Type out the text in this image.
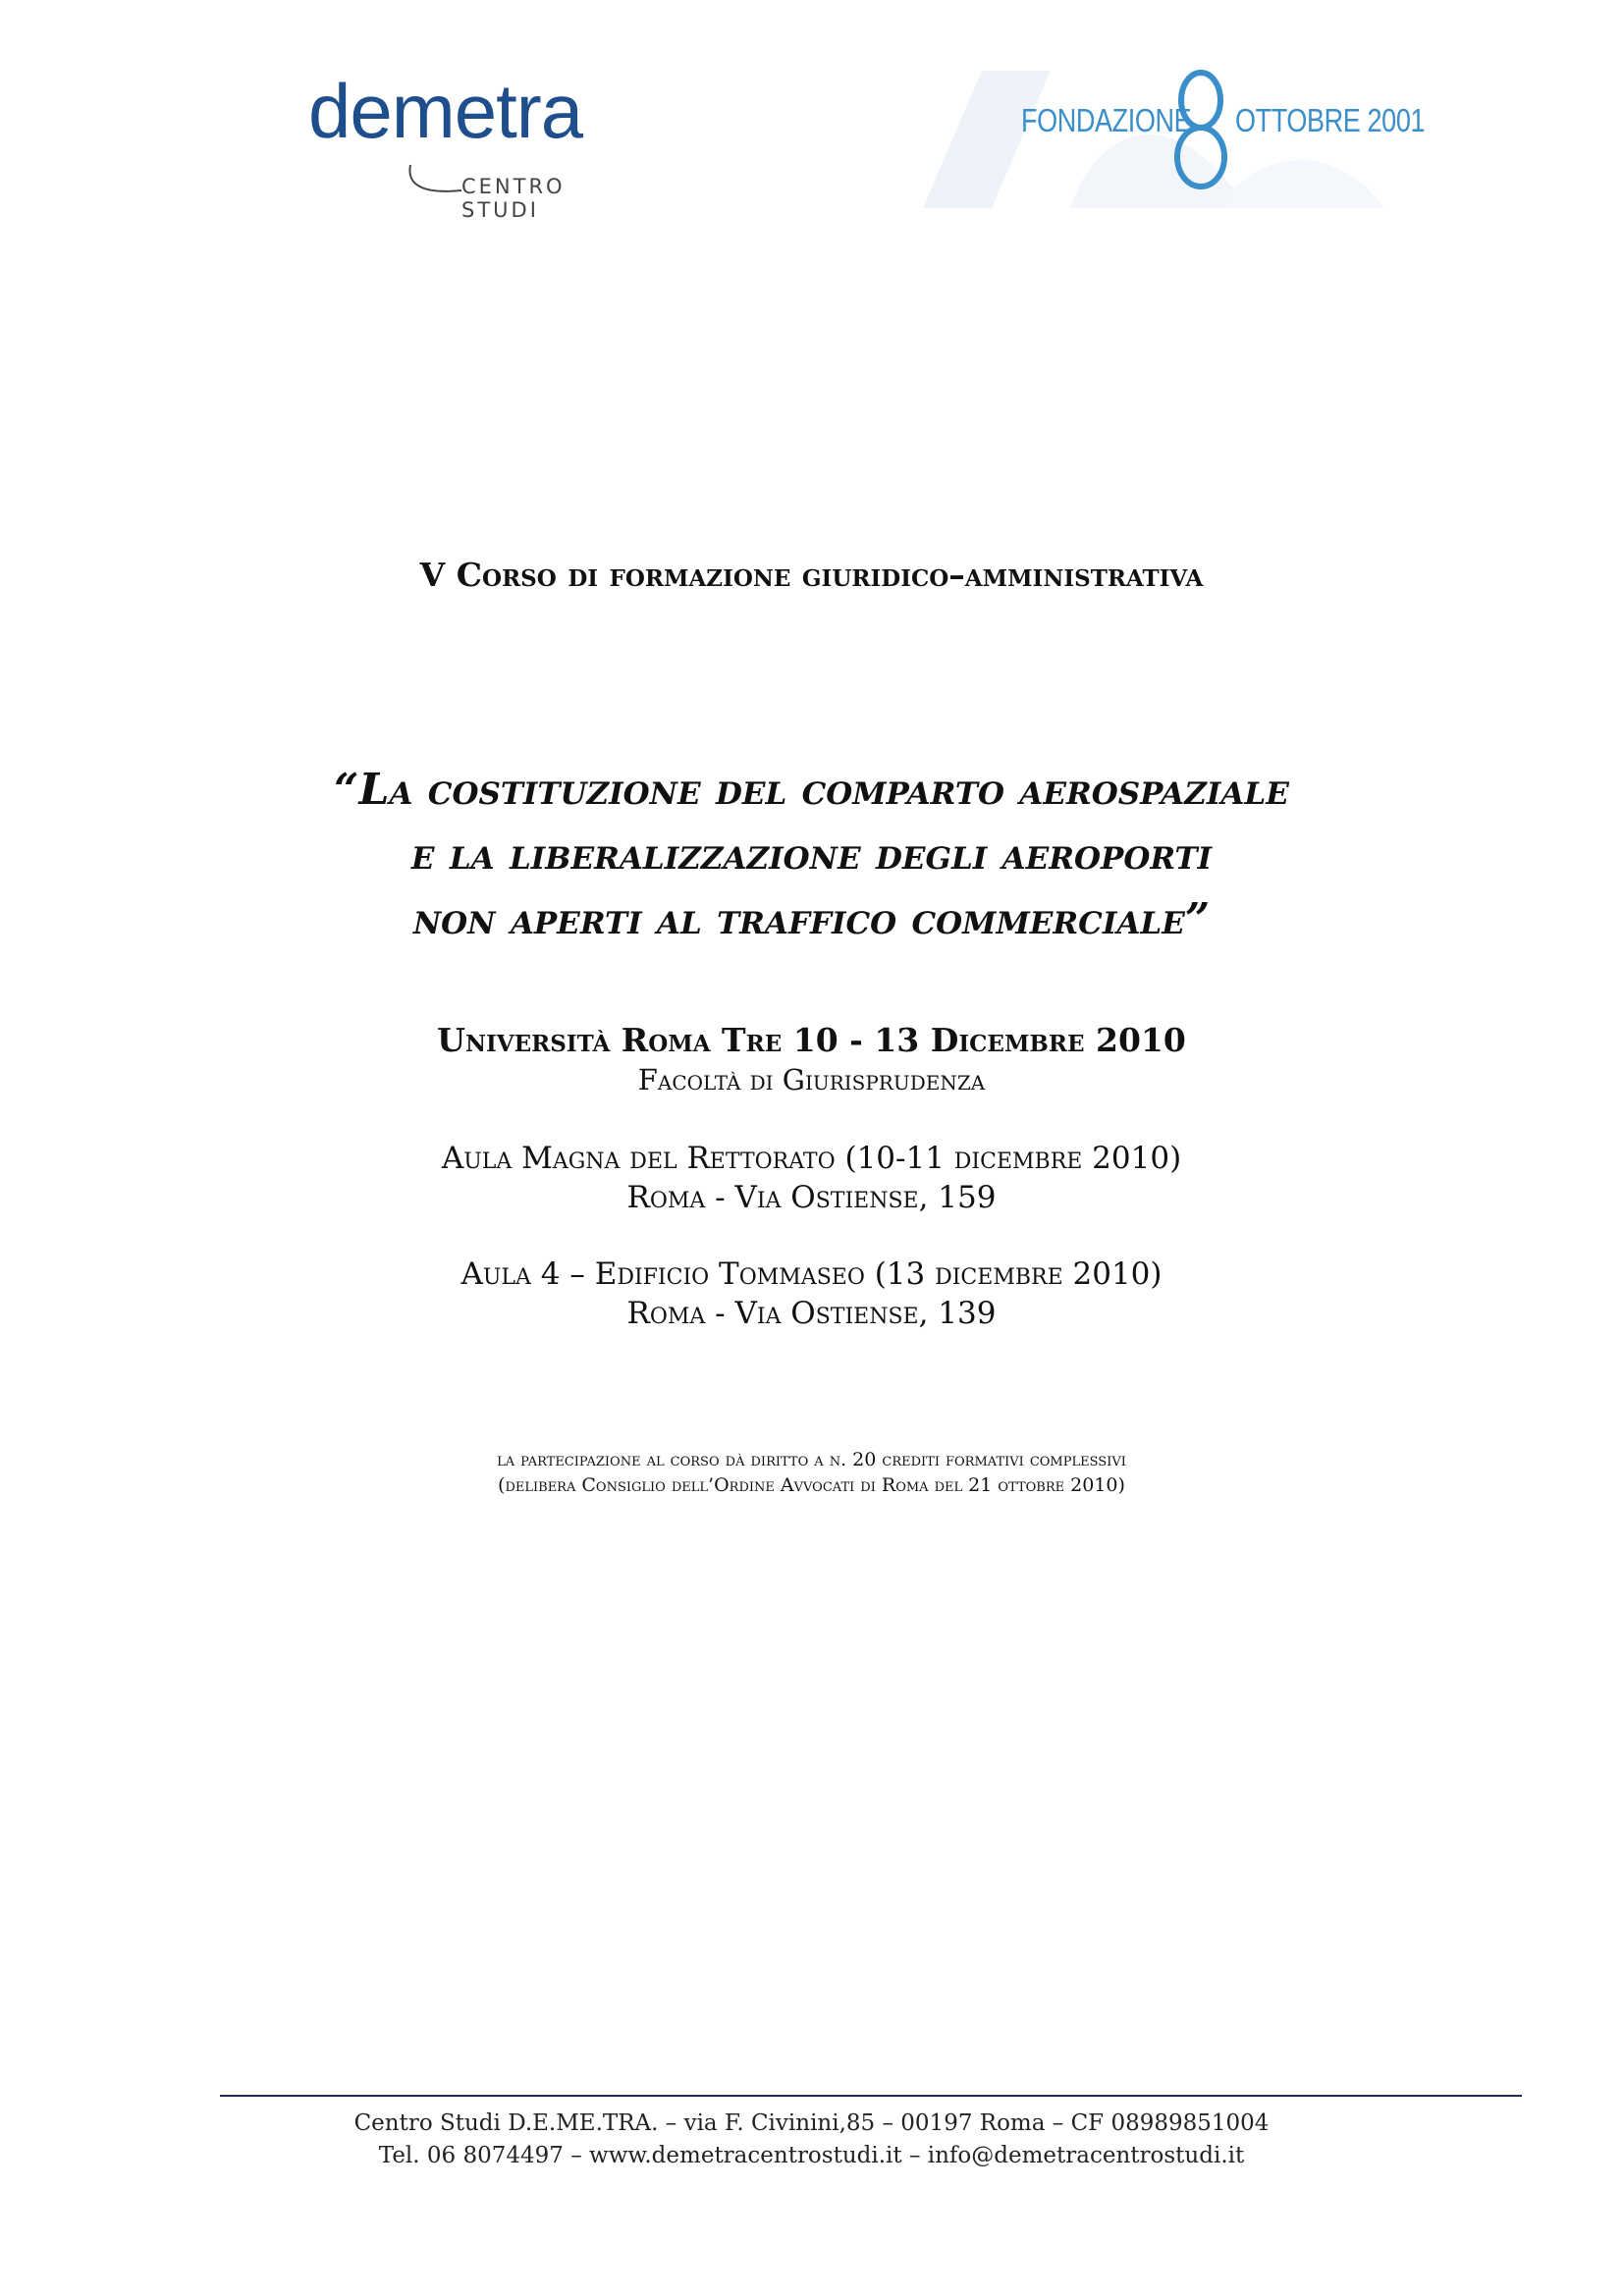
demetra
CENTRO STUDI
FONDAZIONE OTTOBRE 2001
V Corso di formazione giuridico–amministrativa
“La costituzione del comparto aerospaziale
e la liberalizzazione degli aeroporti
non aperti al traffico commerciale”
Università Roma Tre 10 - 13 Dicembre 2010
Facoltà di Giurisprudenza
Aula Magna del Rettorato (10-11 dicembre 2010)
Roma - Via Ostiense, 159
Aula 4 – Edificio Tommaseo (13 dicembre 2010)
Roma - Via Ostiense, 139
la partecipazione al corso dà diritto a n. 20 crediti formativi complessivi
(delibera Consiglio dell’Ordine Avvocati di Roma del 21 ottobre 2010)
Centro Studi D.E.ME.TRA. – via F. Civinini,85 – 00197 Roma – CF 08989851004
Tel. 06 8074497 – www.demetracentrostudi.it – info@demetracentrostudi.it
